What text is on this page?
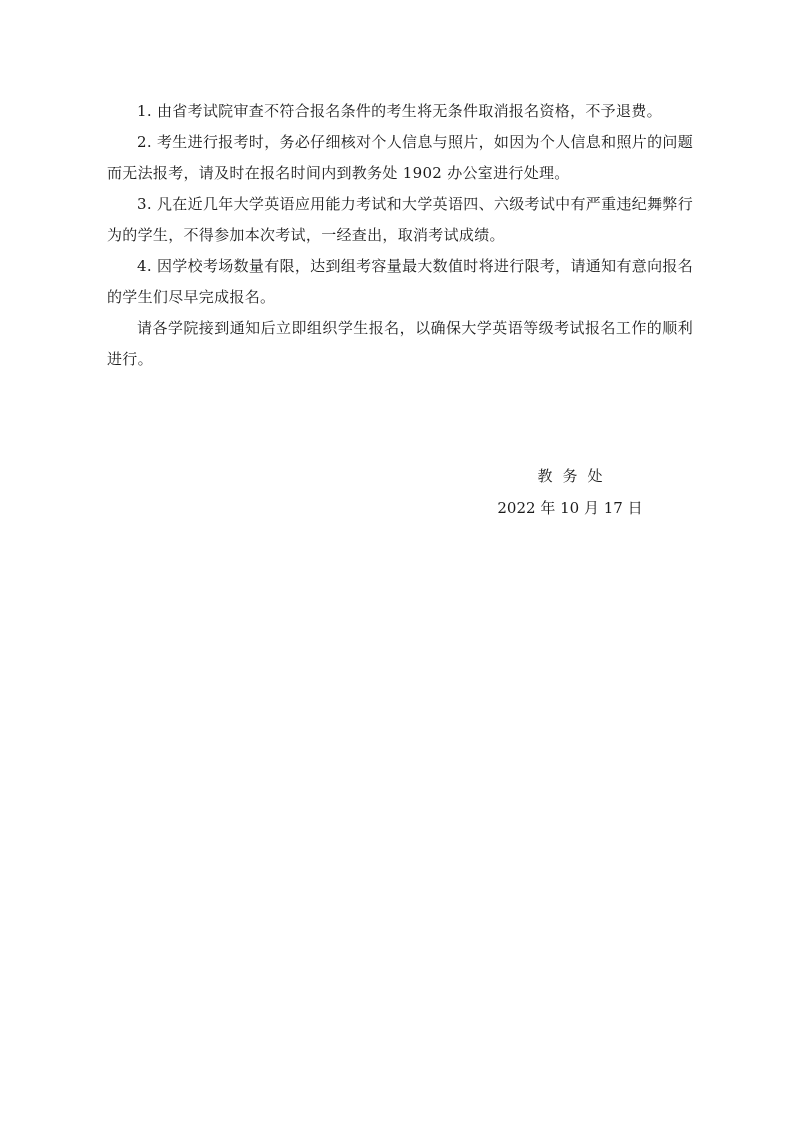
1. 由省考试院审查不符合报名条件的考生将无条件取消报名资格，不予退费。

2. 考生进行报考时，务必仔细核对个人信息与照片，如因为个人信息和照片的问题而无法报考，请及时在报名时间内到教务处 1902 办公室进行处理。

3. 凡在近几年大学英语应用能力考试和大学英语四、六级考试中有严重违纪舞弊行为的学生，不得参加本次考试，一经查出，取消考试成绩。

4. 因学校考场数量有限，达到组考容量最大数值时将进行限考，请通知有意向报名的学生们尽早完成报名。

请各学院接到通知后立即组织学生报名，以确保大学英语等级考试报名工作的顺利进行。

教务处
2022 年 10 月 17 日
